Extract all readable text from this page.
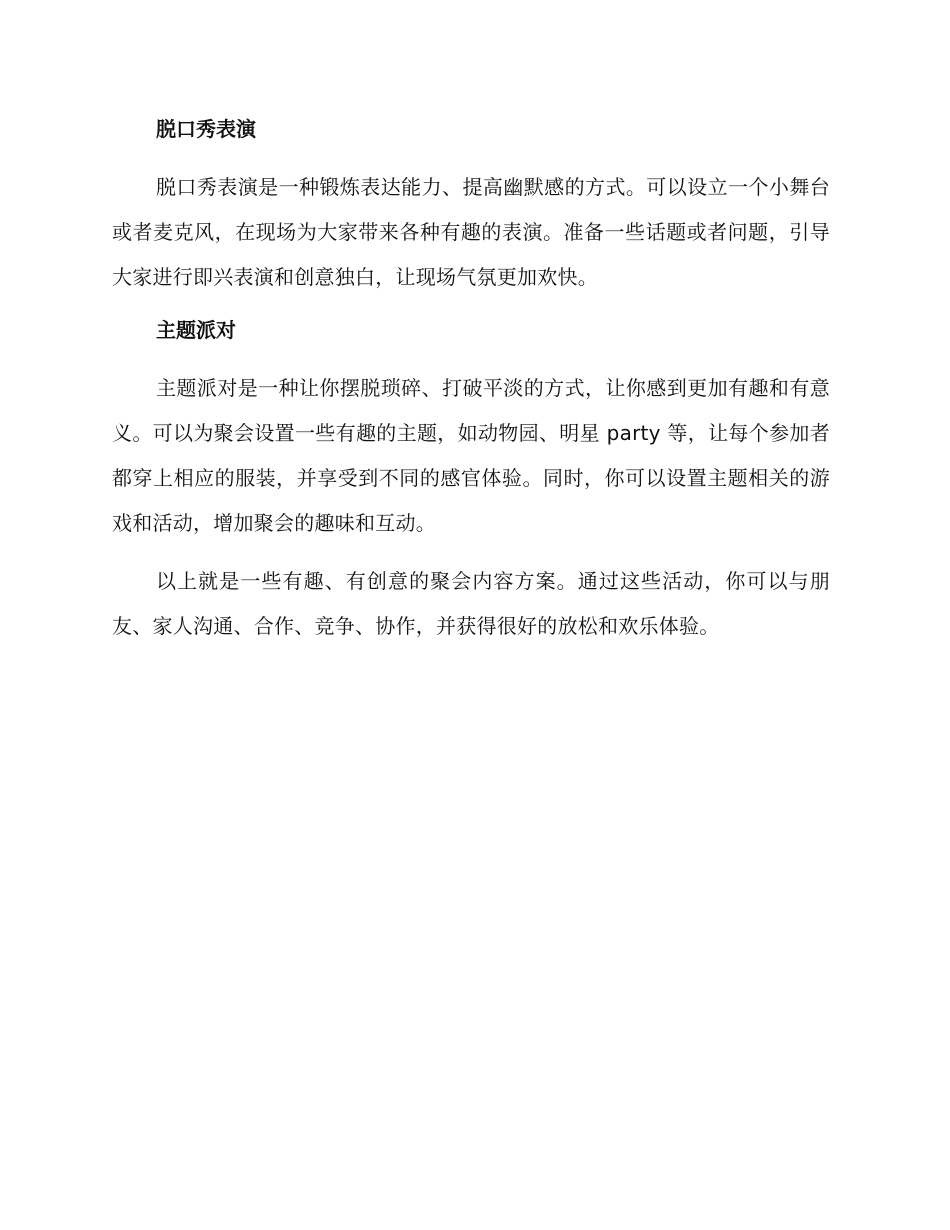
脱口秀表演

脱口秀表演是一种锻炼表达能力、提高幽默感的方式。可以设立一个小舞台或者麦克风，在现场为大家带来各种有趣的表演。准备一些话题或者问题，引导大家进行即兴表演和创意独白，让现场气氛更加欢快。

主题派对

主题派对是一种让你摆脱琐碎、打破平淡的方式，让你感到更加有趣和有意义。可以为聚会设置一些有趣的主题，如动物园、明星 party 等，让每个参加者都穿上相应的服装，并享受到不同的感官体验。同时，你可以设置主题相关的游戏和活动，增加聚会的趣味和互动。

以上就是一些有趣、有创意的聚会内容方案。通过这些活动，你可以与朋友、家人沟通、合作、竞争、协作，并获得很好的放松和欢乐体验。
